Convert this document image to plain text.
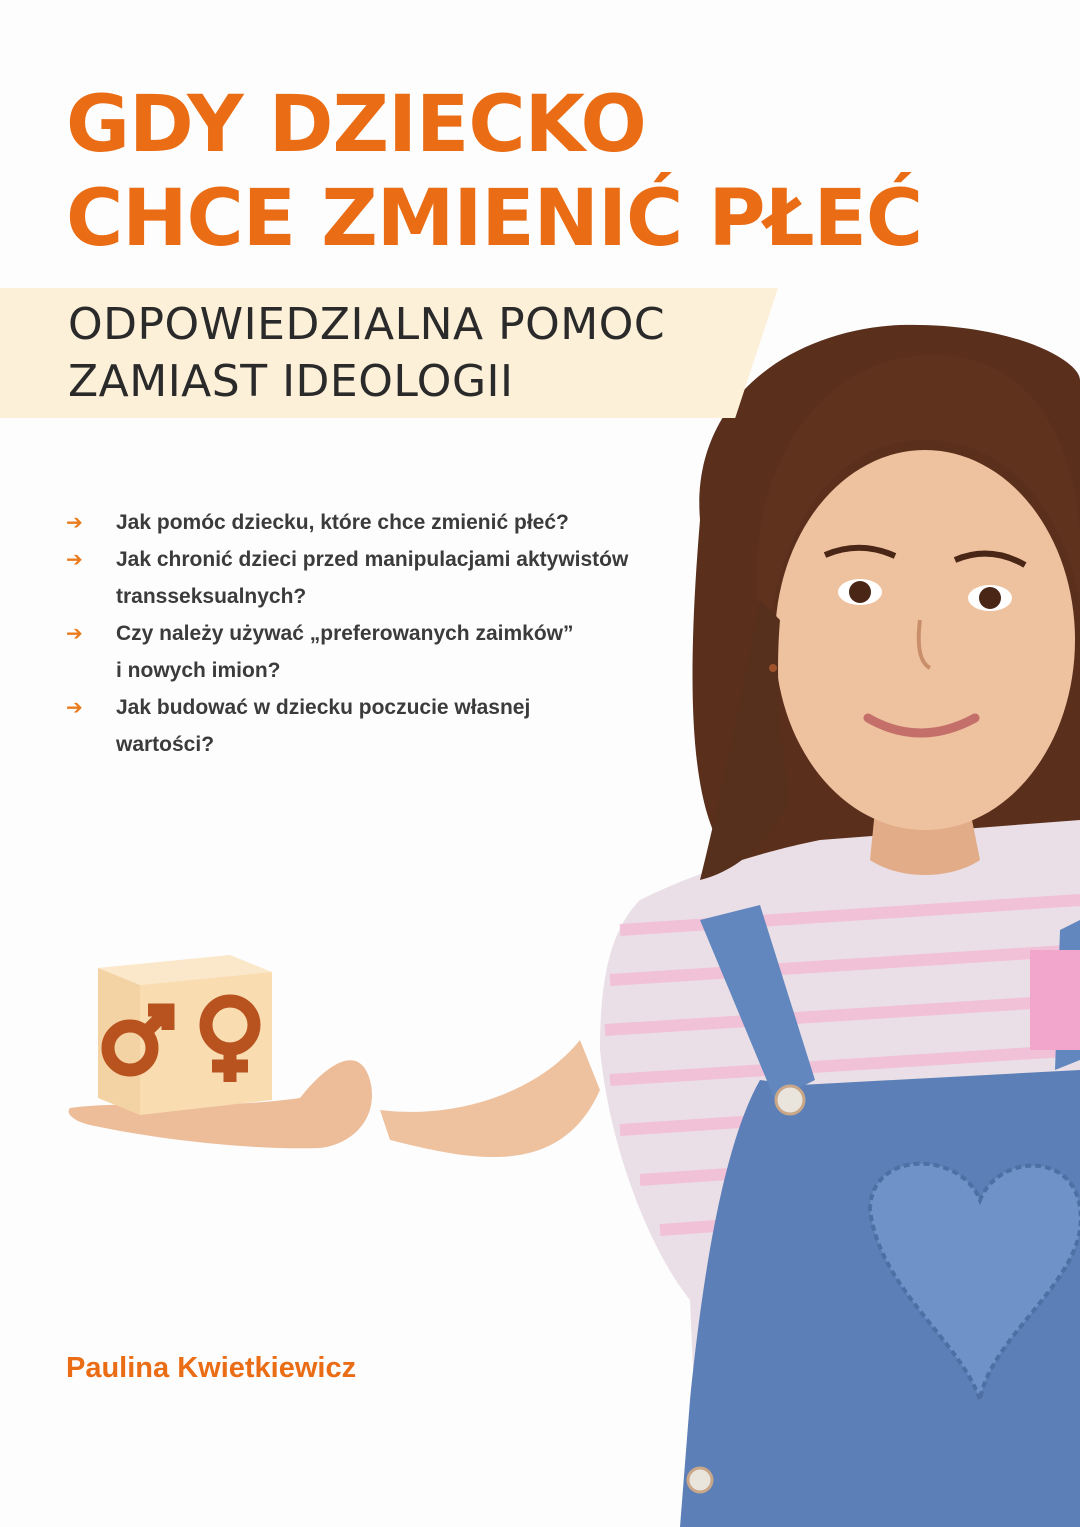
GDY DZIECKO
CHCE ZMIENIĆ PŁEĆ
ODPOWIEDZIALNA POMOC
ZAMIAST IDEOLOGII
➔ Jak pomóc dziecku, które chce zmienić płeć?
➔ Jak chronić dzieci przed manipulacjami aktywistów
transseksualnych?
➔ Czy należy używać „preferowanych zaimków”
i nowych imion?
➔ Jak budować w dziecku poczucie własnej
wartości?
Paulina Kwietkiewicz
